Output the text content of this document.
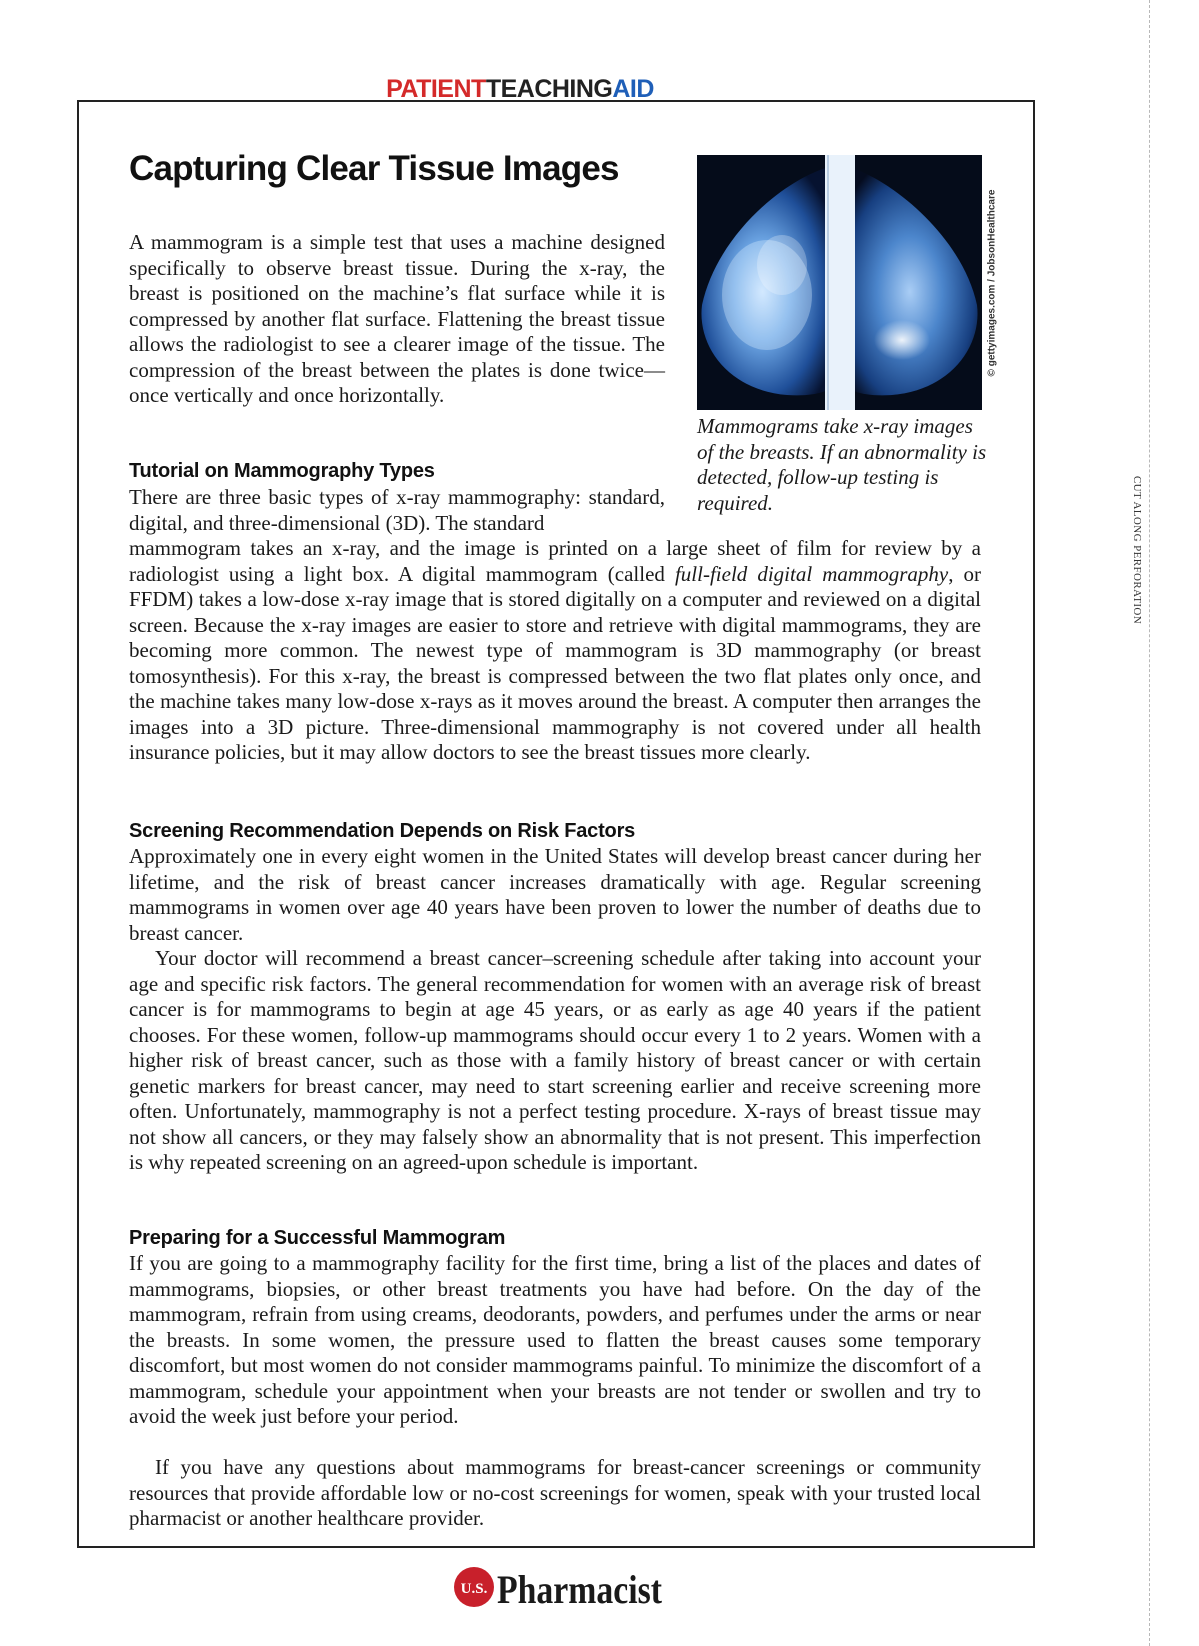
PATIENTTEACHINGAID
Capturing Clear Tissue Images

A mammogram is a simple test that uses a machine designed specifically to observe breast tissue. During the x-ray, the breast is positioned on the machine’s flat surface while it is compressed by another flat surface. Flattening the breast tissue allows the radiologist to see a clearer image of the tissue. The compression of the breast between the plates is done twice—once vertically and once horizontally.

© gettyimages.com / JobsonHealthcare

Mammograms take x-ray images of the breasts. If an abnormality is detected, follow-up testing is required.

Tutorial on Mammography Types

There are three basic types of x-ray mammography: standard, digital, and three-dimensional (3D). The standard

mammogram takes an x-ray, and the image is printed on a large sheet of film for review by a radiologist using a light box. A digital mammogram (called full-field digital mammography, or FFDM) takes a low-dose x-ray image that is stored digitally on a computer and reviewed on a digital screen. Because the x-ray images are easier to store and retrieve with digital mammograms, they are becoming more common. The newest type of mammogram is 3D mammography (or breast tomosynthesis). For this x-ray, the breast is compressed between the two flat plates only once, and the machine takes many low-dose x-rays as it moves around the breast. A computer then arranges the images into a 3D picture. Three-dimensional mammography is not covered under all health insurance policies, but it may allow doctors to see the breast tissues more clearly.

Screening Recommendation Depends on Risk Factors

Approximately one in every eight women in the United States will develop breast cancer during her lifetime, and the risk of breast cancer increases dramatically with age. Regular screening mammograms in women over age 40 years have been proven to lower the number of deaths due to breast cancer.

Your doctor will recommend a breast cancer–screening schedule after taking into account your age and specific risk factors. The general recommendation for women with an average risk of breast cancer is for mammograms to begin at age 45 years, or as early as age 40 years if the patient chooses. For these women, follow-up mammograms should occur every 1 to 2 years. Women with a higher risk of breast cancer, such as those with a family history of breast cancer or with certain genetic markers for breast cancer, may need to start screening earlier and receive screening more often. Unfortunately, mammography is not a perfect testing procedure. X-rays of breast tissue may not show all cancers, or they may falsely show an abnormality that is not present. This imperfection is why repeated screening on an agreed-upon schedule is important.

Preparing for a Successful Mammogram

If you are going to a mammography facility for the first time, bring a list of the places and dates of mammograms, biopsies, or other breast treatments you have had before. On the day of the mammogram, refrain from using creams, deodorants, powders, and perfumes under the arms or near the breasts. In some women, the pressure used to flatten the breast causes some temporary discomfort, but most women do not consider mammograms painful. To minimize the discomfort of a mammogram, schedule your appointment when your breasts are not tender or swollen and try to avoid the week just before your period.

If you have any questions about mammograms for breast-cancer screenings or community resources that provide affordable low or no-cost screenings for women, speak with your trusted local pharmacist or another healthcare provider.

CUT ALONG PERFORATION
U.S. Pharmacist
